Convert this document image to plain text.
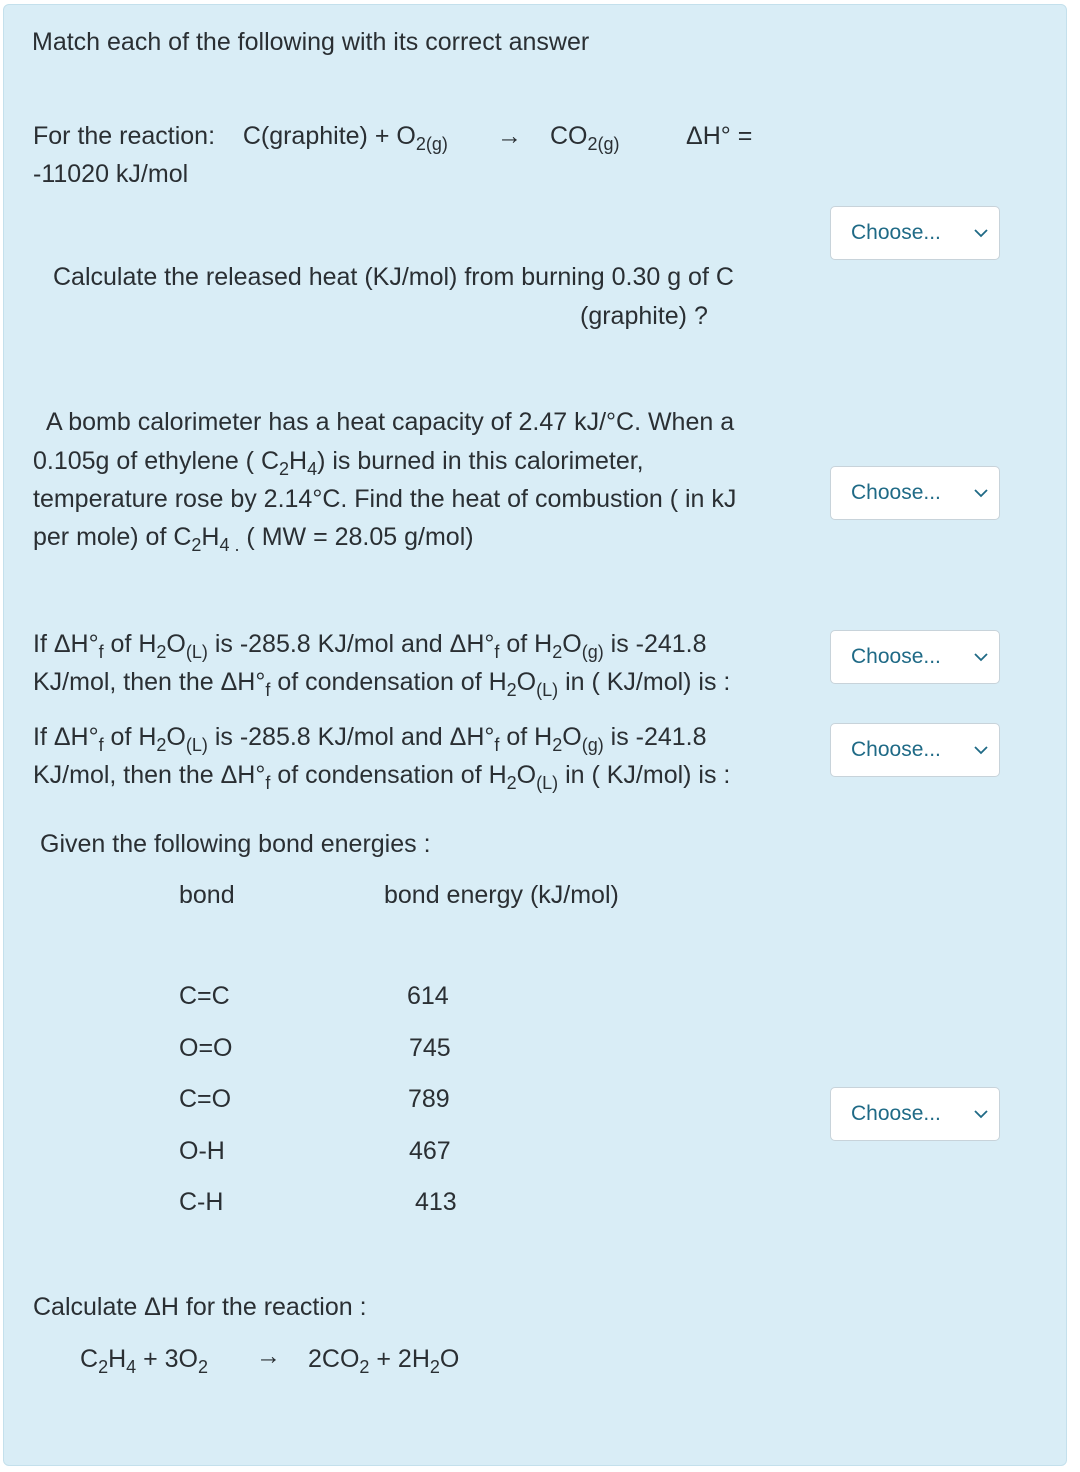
Match each of the following with its correct answer
For the reaction: C(graphite) + $O_{2(g)} \to CO_{2(g)}$	ΔH° =
-11020 kJ/mol
Choose...
Calculate the released heat (KJ/mol) from burning 0.30 g of C
(graphite) ?
A bomb calorimeter has a heat capacity of 2.47 kJ/°C. When a
0.105g of ethylene ( $C_2H_4$) is burned in this calorimeter,
temperature rose by 2.14°C. Find the heat of combustion ( in kJ
per mole) of $C_2H_{4 .}$ ( MW = 28.05 g/mol)
Choose...
If $\Delta H^\circ_f$ of $H_2O_{(L)}$ is -285.8 KJ/mol and $\Delta H^\circ_f$ of $H_2O_{(g)}$ is -241.8
KJ/mol, then the $\Delta H^\circ_f$ of condensation of $H_2O_{(L)}$ in ( KJ/mol) is :
Choose...
If $\Delta H^\circ_f$ of $H_2O_{(L)}$ is -285.8 KJ/mol and $\Delta H^\circ_f$ of $H_2O_{(g)}$ is -241.8
KJ/mol, then the $\Delta H^\circ_f$ of condensation of $H_2O_{(L)}$ in ( KJ/mol) is :
Choose...
Given the following bond energies :
bond	bond energy (kJ/mol)
C=C	614
O=O	745
C=O	789
O-H	467
C-H	413
Choose...
Calculate ΔH for the reaction :
$C_2H_4 + 3O_2 \to 2CO_2 + 2H_2O$
